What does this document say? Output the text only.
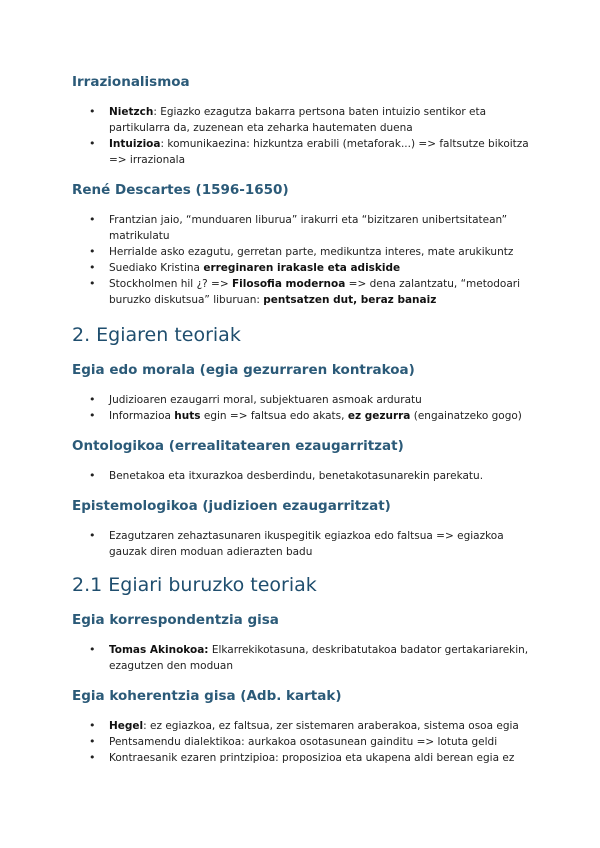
Irrazionalismoa
• Nietzch: Egiazko ezagutza bakarra pertsona baten intuizio sentikor eta partikularra da, zuzenean eta zeharka hautematen duena
• Intuizioa: komunikaezina: hizkuntza erabili (metaforak...) => faltsutze bikoitza => irrazionala
René Descartes (1596-1650)
• Frantzian jaio, “munduaren liburua” irakurri eta “bizitzaren unibertsitatean” matrikulatu
• Herrialde asko ezagutu, gerretan parte, medikuntza interes, mate arukikuntz
• Suediako Kristina erreginaren irakasle eta adiskide
• Stockholmen hil ¿? => Filosofia modernoa => dena zalantzatu, “metodoari buruzko diskutsua” liburuan: pentsatzen dut, beraz banaiz
2. Egiaren teoriak
Egia edo morala (egia gezurraren kontrakoa)
• Judizioaren ezaugarri moral, subjektuaren asmoak arduratu
• Informazioa huts egin => faltsua edo akats, ez gezurra (engainatzeko gogo)
Ontologikoa (errealitatearen ezaugarritzat)
• Benetakoa eta itxurazkoa desberdindu, benetakotasunarekin parekatu.
Epistemologikoa (judizioen ezaugarritzat)
• Ezagutzaren zehaztasunaren ikuspegitik egiazkoa edo faltsua => egiazkoa gauzak diren moduan adierazten badu
2.1 Egiari buruzko teoriak
Egia korrespondentzia gisa
• Tomas Akinokoa: Elkarrekikotasuna, deskribatutakoa badator gertakariarekin, ezagutzen den moduan
Egia koherentzia gisa (Adb. kartak)
• Hegel: ez egiazkoa, ez faltsua, zer sistemaren araberakoa, sistema osoa egia
• Pentsamendu dialektikoa: aurkakoa osotasunean gainditu => lotuta geldi
• Kontraesanik ezaren printzipioa: proposizioa eta ukapena aldi berean egia ez
